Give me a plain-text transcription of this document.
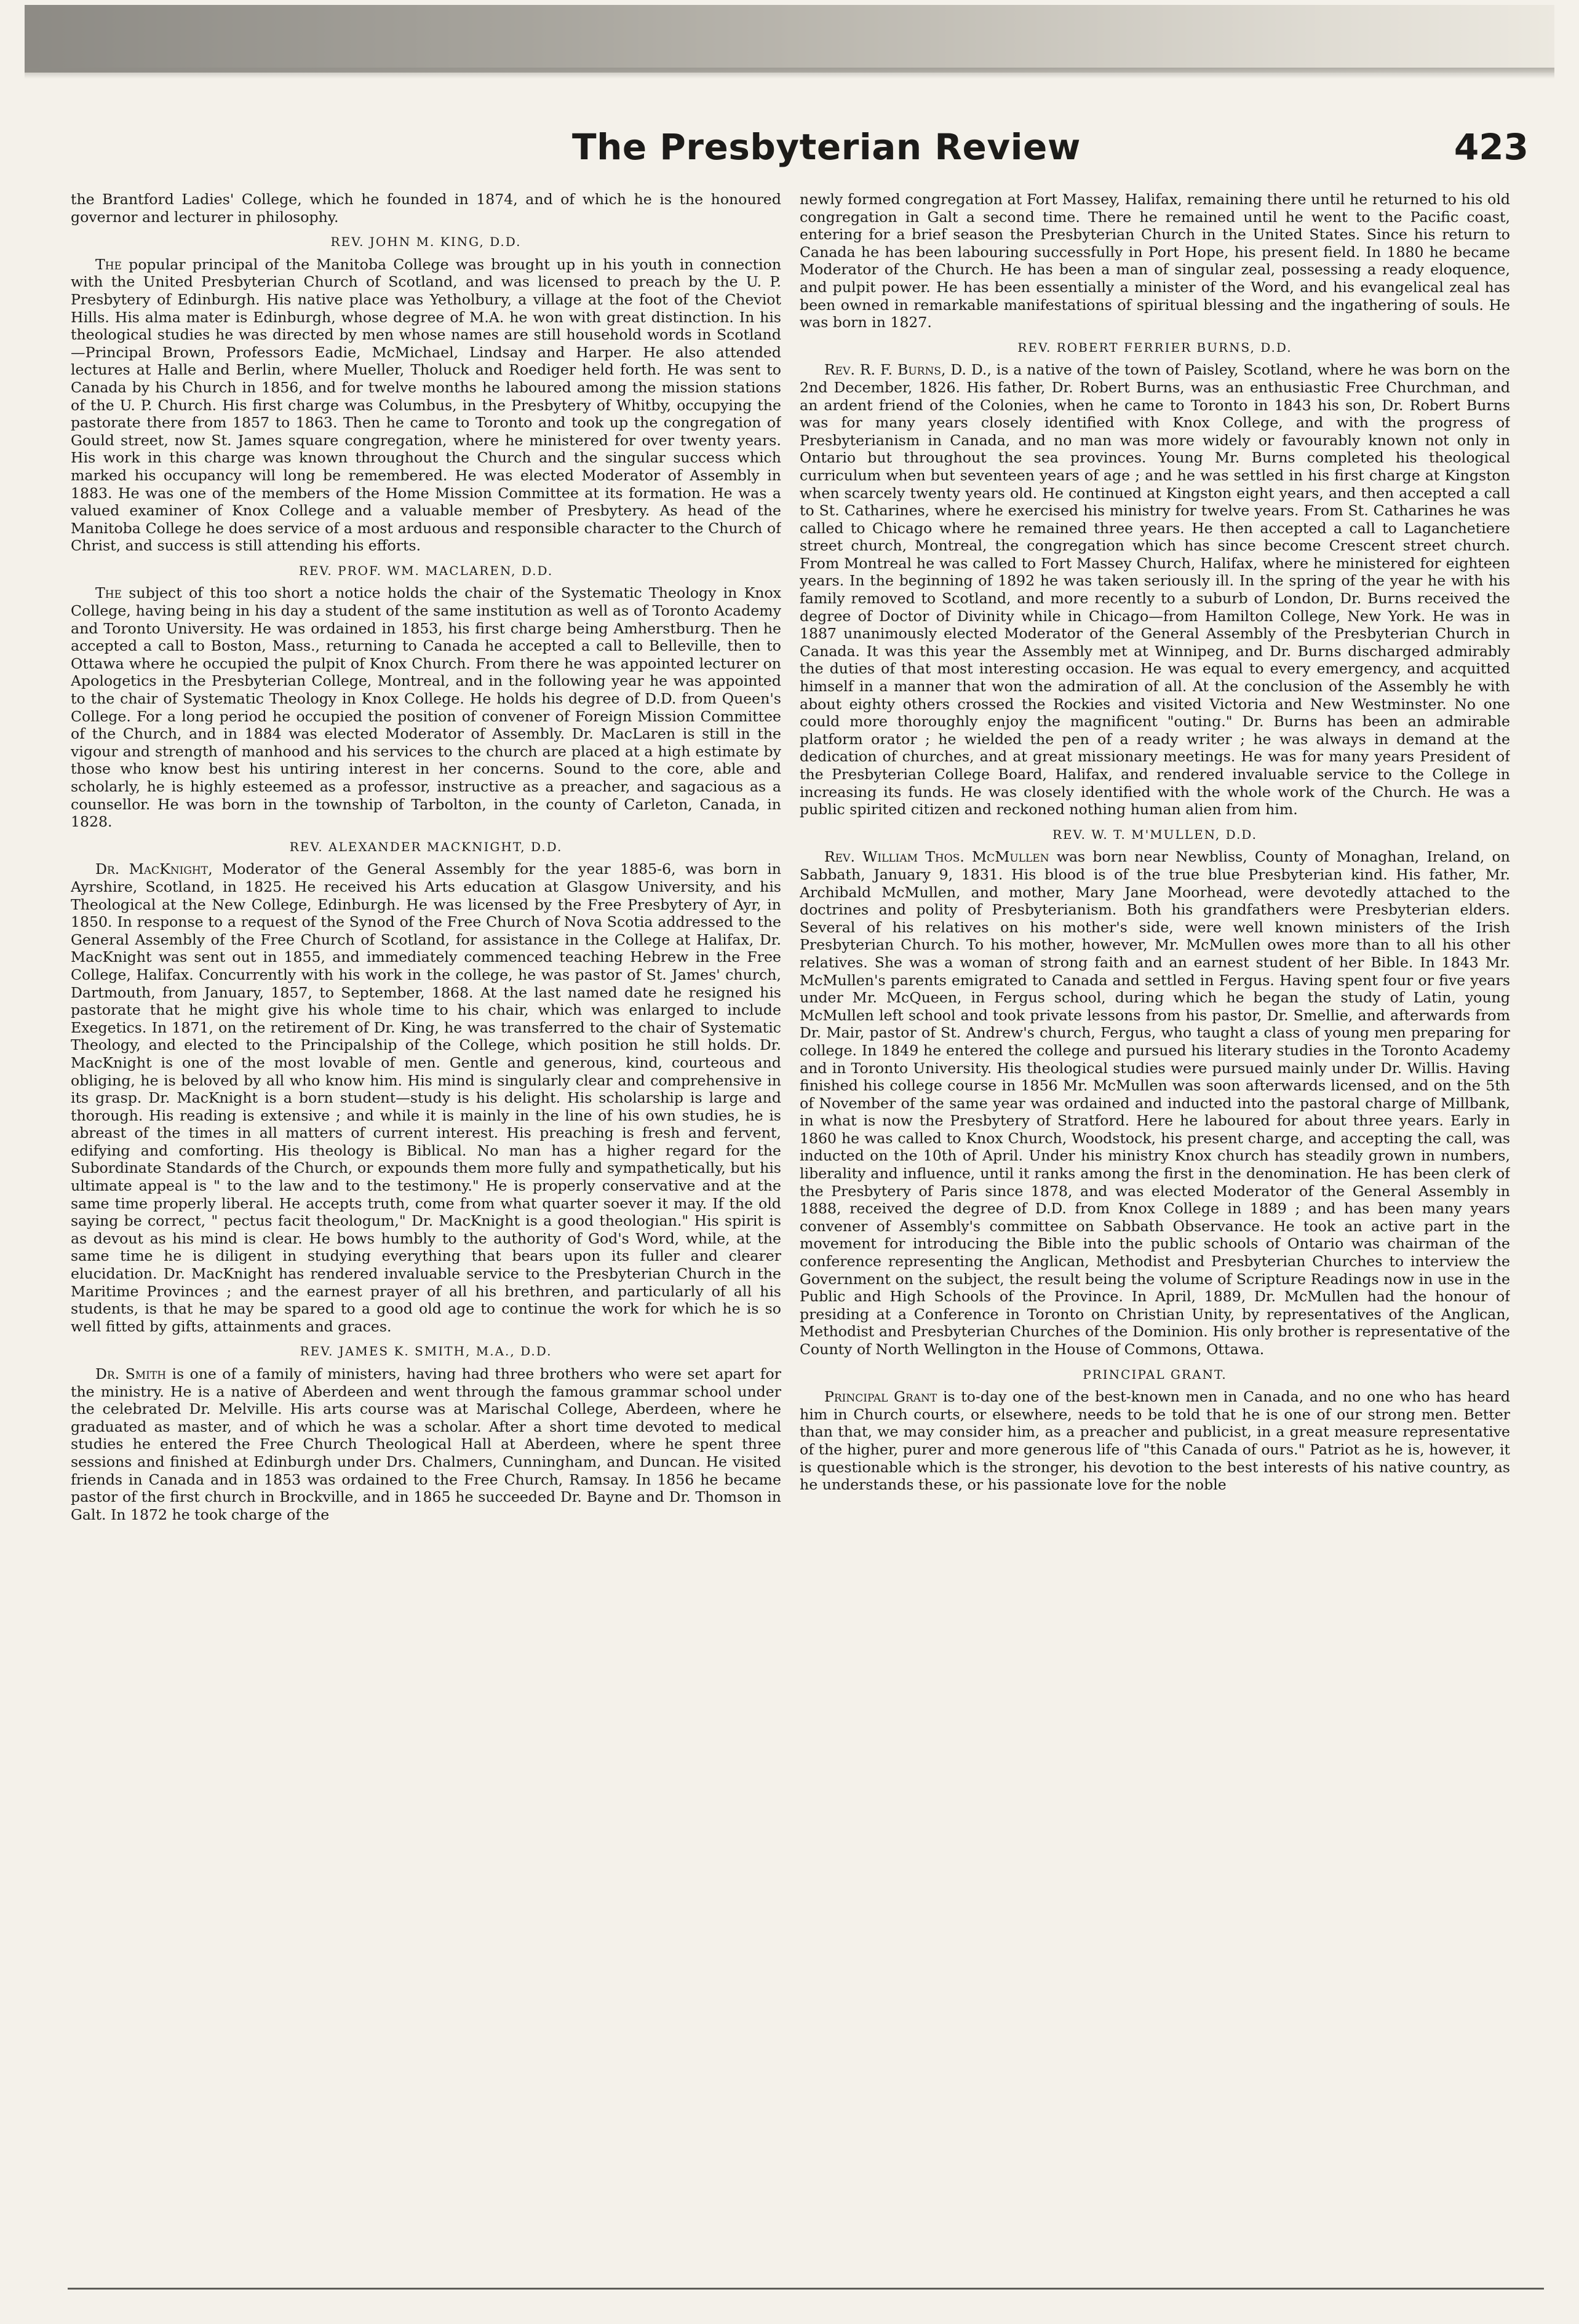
The Presbyterian Review	423

the Brantford Ladies' College, which he founded in 1874, and of which he is the honoured governor and lecturer in philosophy.

REV. JOHN M. KING, D.D.

The popular principal of the Manitoba College was brought up in his youth in connection with the United Presbyterian Church of Scotland, and was licensed to preach by the U. P. Presbytery of Edinburgh. His native place was Yetholbury, a village at the foot of the Cheviot Hills. His alma mater is Edinburgh, whose degree of M.A. he won with great distinction. In his theological studies he was directed by men whose names are still household words in Scotland—Principal Brown, Professors Eadie, McMichael, Lindsay and Harper. He also attended lectures at Halle and Berlin, where Mueller, Tholuck and Roediger held forth. He was sent to Canada by his Church in 1856, and for twelve months he laboured among the mission stations of the U. P. Church. His first charge was Columbus, in the Presbytery of Whitby, occupying the pastorate there from 1857 to 1863. Then he came to Toronto and took up the congregation of Gould street, now St. James square congregation, where he ministered for over twenty years. His work in this charge was known throughout the Church and the singular success which marked his occupancy will long be remembered. He was elected Moderator of Assembly in 1883. He was one of the members of the Home Mission Committee at its formation. He was a valued examiner of Knox College and a valuable member of Presbytery. As head of the Manitoba College he does service of a most arduous and responsible character to the Church of Christ, and success is still attending his efforts.

REV. PROF. WM. MACLAREN, D.D.

The subject of this too short a notice holds the chair of the Systematic Theology in Knox College, having being in his day a student of the same institution as well as of Toronto Academy and Toronto University. He was ordained in 1853, his first charge being Amherstburg. Then he accepted a call to Boston, Mass., returning to Canada he accepted a call to Belleville, then to Ottawa where he occupied the pulpit of Knox Church. From there he was appointed lecturer on Apologetics in the Presbyterian College, Montreal, and in the following year he was appointed to the chair of Systematic Theology in Knox College. He holds his degree of D.D. from Queen's College. For a long period he occupied the position of convener of Foreign Mission Committee of the Church, and in 1884 was elected Moderator of Assembly. Dr. MacLaren is still in the vigour and strength of manhood and his services to the church are placed at a high estimate by those who know best his untiring interest in her concerns. Sound to the core, able and scholarly, he is highly esteemed as a professor, instructive as a preacher, and sagacious as a counsellor. He was born in the township of Tarbolton, in the county of Carleton, Canada, in 1828.

REV. ALEXANDER MACKNIGHT, D.D.

Dr. MacKnight, Moderator of the General Assembly for the year 1885-6, was born in Ayrshire, Scotland, in 1825. He received his Arts education at Glasgow University, and his Theological at the New College, Edinburgh. He was licensed by the Free Presbytery of Ayr, in 1850. In response to a request of the Synod of the Free Church of Nova Scotia addressed to the General Assembly of the Free Church of Scotland, for assistance in the College at Halifax, Dr. MacKnight was sent out in 1855, and immediately commenced teaching Hebrew in the Free College, Halifax. Concurrently with his work in the college, he was pastor of St. James' church, Dartmouth, from January, 1857, to September, 1868. At the last named date he resigned his pastorate that he might give his whole time to his chair, which was enlarged to include Exegetics. In 1871, on the retirement of Dr. King, he was transferred to the chair of Systematic Theology, and elected to the Principalship of the College, which position he still holds. Dr. MacKnight is one of the most lovable of men. Gentle and generous, kind, courteous and obliging, he is beloved by all who know him. His mind is singularly clear and comprehensive in its grasp. Dr. MacKnight is a born student—study is his delight. His scholarship is large and thorough. His reading is extensive ; and while it is mainly in the line of his own studies, he is abreast of the times in all matters of current interest. His preaching is fresh and fervent, edifying and comforting. His theology is Biblical. No man has a higher regard for the Subordinate Standards of the Church, or expounds them more fully and sympathetically, but his ultimate appeal is " to the law and to the testimony." He is properly conservative and at the same time properly liberal. He accepts truth, come from what quarter soever it may. If the old saying be correct, " pectus facit theologum," Dr. MacKnight is a good theologian." His spirit is as devout as his mind is clear. He bows humbly to the authority of God's Word, while, at the same time he is diligent in studying everything that bears upon its fuller and clearer elucidation. Dr. MacKnight has rendered invaluable service to the Presbyterian Church in the Maritime Provinces ; and the earnest prayer of all his brethren, and particularly of all his students, is that he may be spared to a good old age to continue the work for which he is so well fitted by gifts, attainments and graces.

REV. JAMES K. SMITH, M.A., D.D.

Dr. Smith is one of a family of ministers, having had three brothers who were set apart for the ministry. He is a native of Aberdeen and went through the famous grammar school under the celebrated Dr. Melville. His arts course was at Marischal College, Aberdeen, where he graduated as master, and of which he was a scholar. After a short time devoted to medical studies he entered the Free Church Theological Hall at Aberdeen, where he spent three sessions and finished at Edinburgh under Drs. Chalmers, Cunningham, and Duncan. He visited friends in Canada and in 1853 was ordained to the Free Church, Ramsay. In 1856 he became pastor of the first church in Brockville, and in 1865 he succeeded Dr. Bayne and Dr. Thomson in Galt. In 1872 he took charge of the

newly formed congregation at Fort Massey, Halifax, remaining there until he returned to his old congregation in Galt a second time. There he remained until he went to the Pacific coast, entering for a brief season the Presbyterian Church in the United States. Since his return to Canada he has been labouring successfully in Port Hope, his present field. In 1880 he became Moderator of the Church. He has been a man of singular zeal, possessing a ready eloquence, and pulpit power. He has been essentially a minister of the Word, and his evangelical zeal has been owned in remarkable manifestations of spiritual blessing and the ingathering of souls. He was born in 1827.

REV. ROBERT FERRIER BURNS, D.D.

Rev. R. F. Burns, D. D., is a native of the town of Paisley, Scotland, where he was born on the 2nd December, 1826. His father, Dr. Robert Burns, was an enthusiastic Free Churchman, and an ardent friend of the Colonies, when he came to Toronto in 1843 his son, Dr. Robert Burns was for many years closely identified with Knox College, and with the progress of Presbyterianism in Canada, and no man was more widely or favourably known not only in Ontario but throughout the sea provinces. Young Mr. Burns completed his theological curriculum when but seventeen years of age ; and he was settled in his first charge at Kingston when scarcely twenty years old. He continued at Kingston eight years, and then accepted a call to St. Catharines, where he exercised his ministry for twelve years. From St. Catharines he was called to Chicago where he remained three years. He then accepted a call to Laganchetiere street church, Montreal, the congregation which has since become Crescent street church. From Montreal he was called to Fort Massey Church, Halifax, where he ministered for eighteen years. In the beginning of 1892 he was taken seriously ill. In the spring of the year he with his family removed to Scotland, and more recently to a suburb of London, Dr. Burns received the degree of Doctor of Divinity while in Chicago—from Hamilton College, New York. He was in 1887 unanimously elected Moderator of the General Assembly of the Presbyterian Church in Canada. It was this year the Assembly met at Winnipeg, and Dr. Burns discharged admirably the duties of that most interesting occasion. He was equal to every emergency, and acquitted himself in a manner that won the admiration of all. At the conclusion of the Assembly he with about eighty others crossed the Rockies and visited Victoria and New Westminster. No one could more thoroughly enjoy the magnificent "outing." Dr. Burns has been an admirable platform orator ; he wielded the pen of a ready writer ; he was always in demand at the dedication of churches, and at great missionary meetings. He was for many years President of the Presbyterian College Board, Halifax, and rendered invaluable service to the College in increasing its funds. He was closely identified with the whole work of the Church. He was a public spirited citizen and reckoned nothing human alien from him.

REV. W. T. M'MULLEN, D.D.

Rev. William Thos. McMullen was born near Newbliss, County of Monaghan, Ireland, on Sabbath, January 9, 1831. His blood is of the true blue Presbyterian kind. His father, Mr. Archibald McMullen, and mother, Mary Jane Moorhead, were devotedly attached to the doctrines and polity of Presbyterianism. Both his grandfathers were Presbyterian elders. Several of his relatives on his mother's side, were well known ministers of the Irish Presbyterian Church. To his mother, however, Mr. McMullen owes more than to all his other relatives. She was a woman of strong faith and an earnest student of her Bible. In 1843 Mr. McMullen's parents emigrated to Canada and settled in Fergus. Having spent four or five years under Mr. McQueen, in Fergus school, during which he began the study of Latin, young McMullen left school and took private lessons from his pastor, Dr. Smellie, and afterwards from Dr. Mair, pastor of St. Andrew's church, Fergus, who taught a class of young men preparing for college. In 1849 he entered the college and pursued his literary studies in the Toronto Academy and in Toronto University. His theological studies were pursued mainly under Dr. Willis. Having finished his college course in 1856 Mr. McMullen was soon afterwards licensed, and on the 5th of November of the same year was ordained and inducted into the pastoral charge of Millbank, in what is now the Presbytery of Stratford. Here he laboured for about three years. Early in 1860 he was called to Knox Church, Woodstock, his present charge, and accepting the call, was inducted on the 10th of April. Under his ministry Knox church has steadily grown in numbers, liberality and influence, until it ranks among the first in the denomination. He has been clerk of the Presbytery of Paris since 1878, and was elected Moderator of the General Assembly in 1888, received the degree of D.D. from Knox College in 1889 ; and has been many years convener of Assembly's committee on Sabbath Observance. He took an active part in the movement for introducing the Bible into the public schools of Ontario was chairman of the conference representing the Anglican, Methodist and Presbyterian Churches to interview the Government on the subject, the result being the volume of Scripture Readings now in use in the Public and High Schools of the Province. In April, 1889, Dr. McMullen had the honour of presiding at a Conference in Toronto on Christian Unity, by representatives of the Anglican, Methodist and Presbyterian Churches of the Dominion. His only brother is representative of the County of North Wellington in the House of Commons, Ottawa.

PRINCIPAL GRANT.

Principal Grant is to-day one of the best-known men in Canada, and no one who has heard him in Church courts, or elsewhere, needs to be told that he is one of our strong men. Better than that, we may consider him, as a preacher and publicist, in a great measure representative of the higher, purer and more generous life of "this Canada of ours." Patriot as he is, however, it is questionable which is the stronger, his devotion to the best interests of his native country, as he understands these, or his passionate love for the noble
